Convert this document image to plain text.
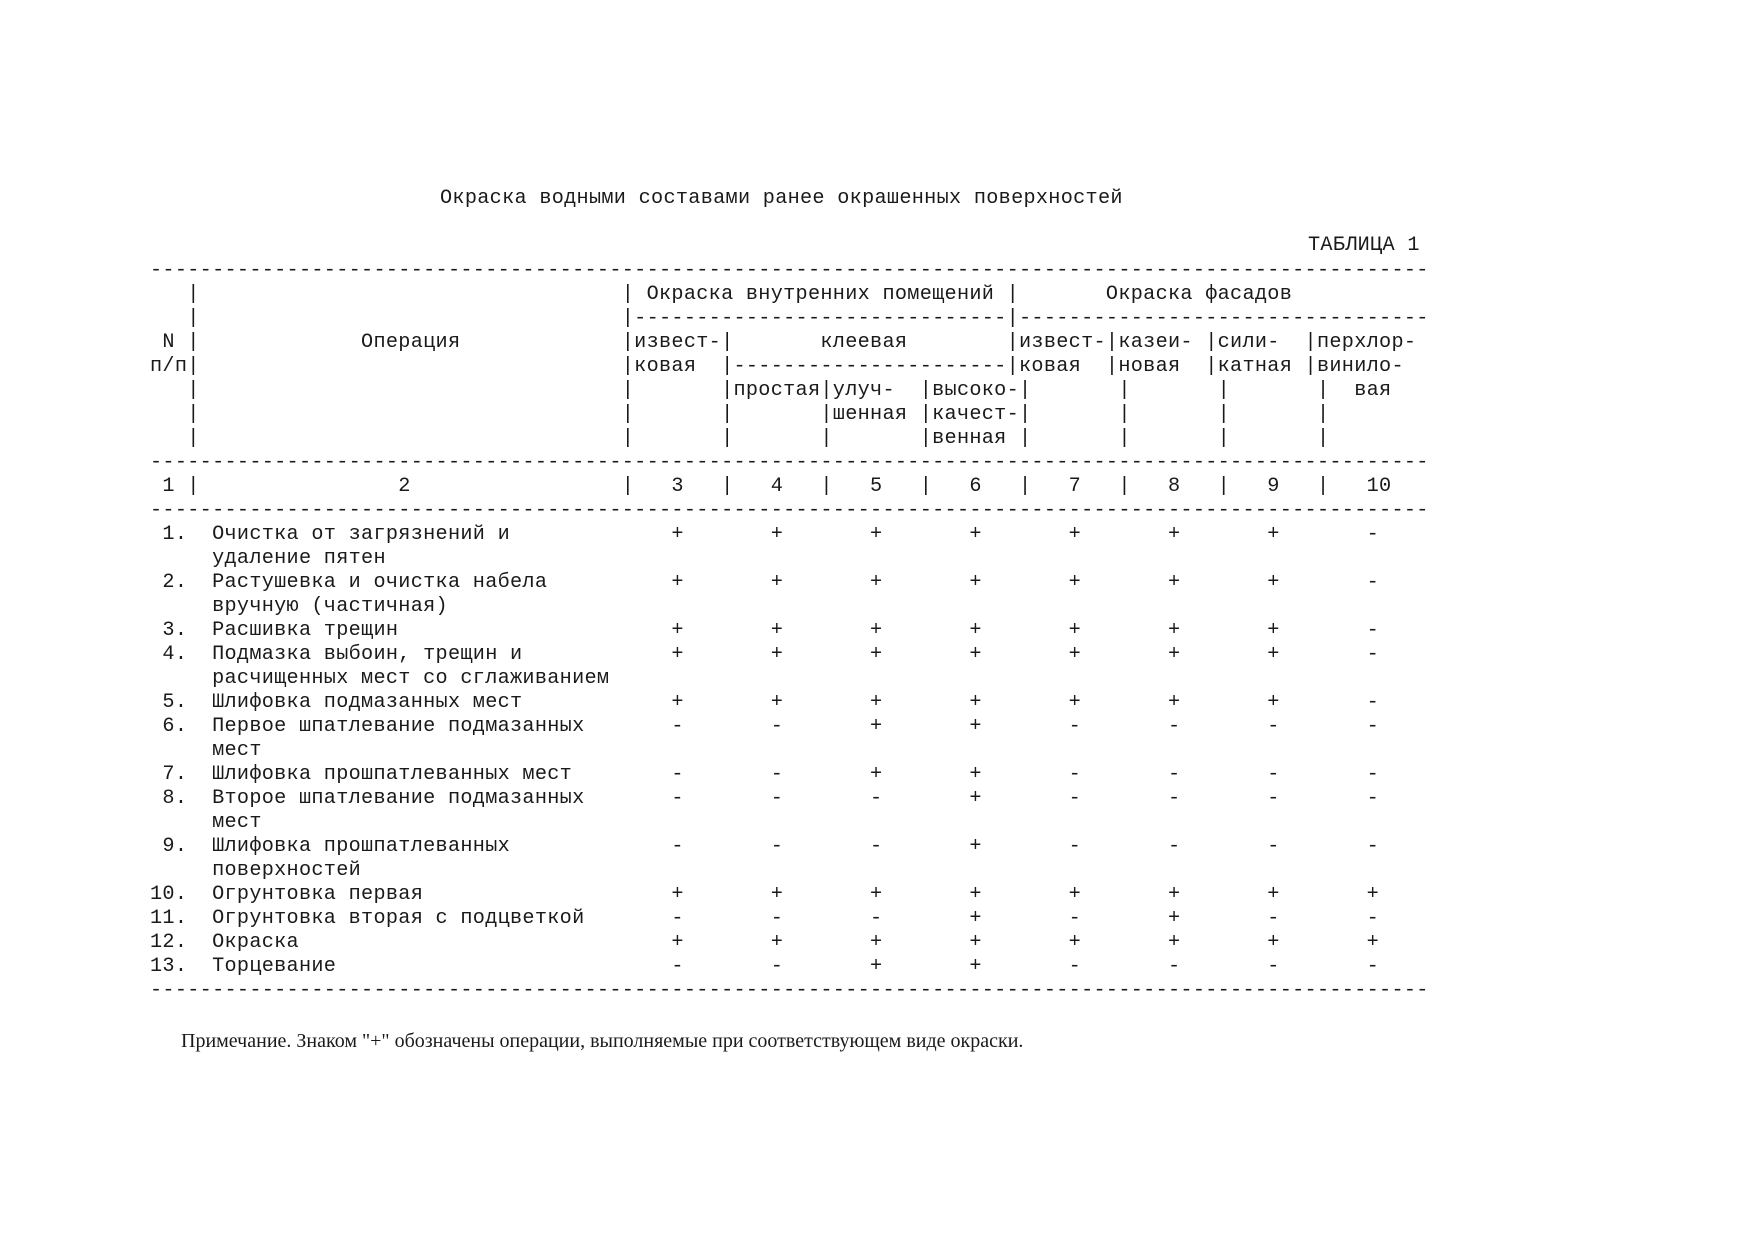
Окраска водными составами ранее окрашенных поверхностей
ТАБЛИЦА 1
-------------------------------------------------------------------------------------------------------
|                                  | Окраска внутренних помещений |       Окраска фасадов
|                                  |------------------------------|---------------------------------
N |             Операция             |извест-|       клеевая        |извест-|казеи- |сили-  |перхлор-
п/п|                                  |ковая  |----------------------|ковая  |новая  |катная |винило-
|                                  |       |простая|улуч-  |высоко-|       |       |       |  вая
|                                  |       |       |шенная |качест-|       |       |       |
|                                  |       |       |       |венная |       |       |       |
-------------------------------------------------------------------------------------------------------
1 |                2                 |   3   |   4   |   5   |   6   |   7   |   8   |   9   |   10
-------------------------------------------------------------------------------------------------------
1.  Очистка от загрязнений и             +       +       +       +       +       +       +       -
удаление пятен
2.  Растушевка и очистка набела          +       +       +       +       +       +       +       -
вручную (частичная)
3.  Расшивка трещин                      +       +       +       +       +       +       +       -
4.  Подмазка выбоин, трещин и            +       +       +       +       +       +       +       -
расчищенных мест со сглаживанием
5.  Шлифовка подмазанных мест            +       +       +       +       +       +       +       -
6.  Первое шпатлевание подмазанных       -       -       +       +       -       -       -       -
мест
7.  Шлифовка прошпатлеванных мест        -       -       +       +       -       -       -       -
8.  Второе шпатлевание подмазанных       -       -       -       +       -       -       -       -
мест
9.  Шлифовка прошпатлеванных             -       -       -       +       -       -       -       -
поверхностей
10.  Огрунтовка первая                    +       +       +       +       +       +       +       +
11.  Огрунтовка вторая с подцветкой       -       -       -       +       -       +       -       -
12.  Окраска                              +       +       +       +       +       +       +       +
13.  Торцевание                           -       -       +       +       -       -       -       -
-------------------------------------------------------------------------------------------------------
Примечание. Знаком "+" обозначены операции, выполняемые при соответствующем виде окраски.
